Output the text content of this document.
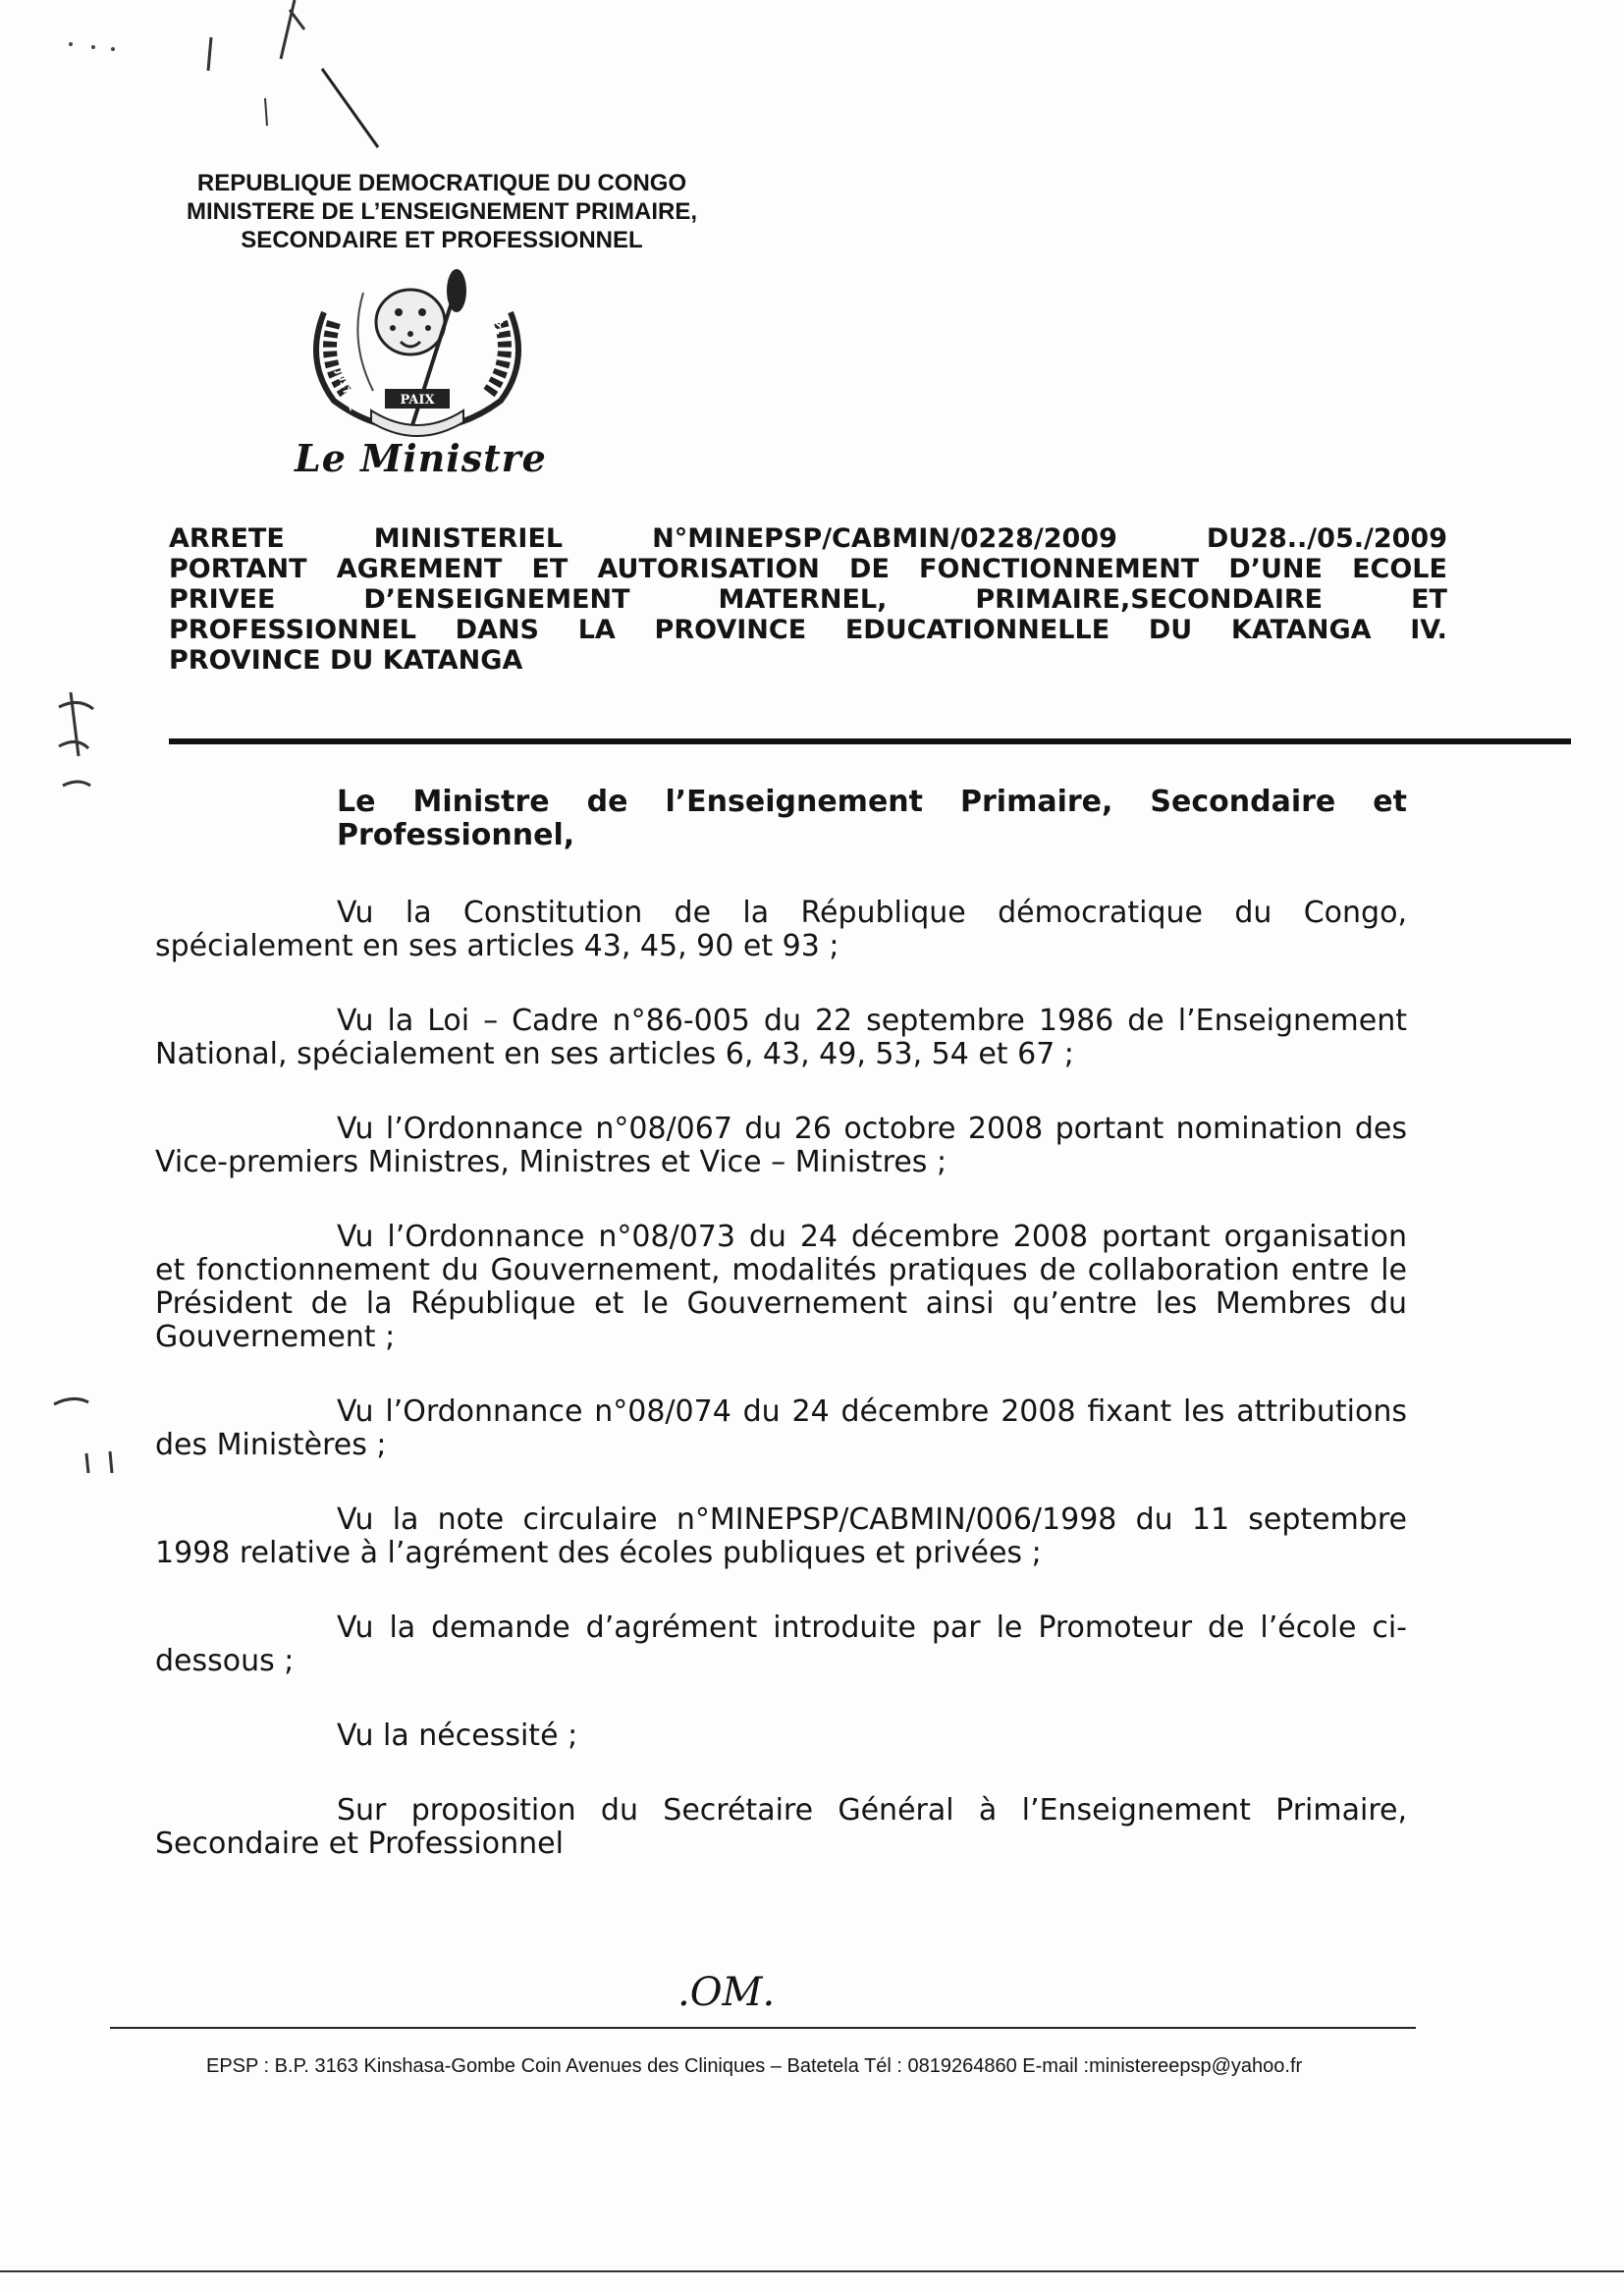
REPUBLIQUE DEMOCRATIQUE DU CONGO
MINISTERE DE L’ENSEIGNEMENT PRIMAIRE,
SECONDAIRE ET PROFESSIONNEL
PAIX
JUSTICE
TRAVAIL
Le Ministre
ARRETE	MINISTERIEL	N°MINEPSP/CABMIN/0228/2009	DU28../05./2009
PORTANT AGREMENT ET AUTORISATION DE FONCTIONNEMENT D’UNE ECOLE
PRIVEE	D’ENSEIGNEMENT	MATERNEL,	PRIMAIRE,SECONDAIRE	ET
PROFESSIONNEL DANS LA PROVINCE EDUCATIONNELLE DU KATANGA IV.
PROVINCE DU KATANGA
Le Ministre de l’Enseignement Primaire, Secondaire et Professionnel,

Vu la Constitution de la République démocratique du Congo, spécialement en ses articles 43, 45, 90 et 93 ;

Vu la Loi – Cadre n°86-005 du 22 septembre 1986 de l’Enseignement National, spécialement en ses articles 6, 43, 49, 53, 54 et 67 ;

Vu l’Ordonnance n°08/067 du 26 octobre 2008 portant nomination des Vice-premiers Ministres, Ministres et Vice – Ministres ;

Vu l’Ordonnance n°08/073 du 24 décembre 2008 portant organisation et fonctionnement du Gouvernement, modalités pratiques de collaboration entre le Président de la République et le Gouvernement ainsi qu’entre les Membres du Gouvernement ;

Vu l’Ordonnance n°08/074 du 24 décembre 2008 fixant les attributions des Ministères ;

Vu la note circulaire n°MINEPSP/CABMIN/006/1998 du 11 septembre 1998 relative à l’agrément des écoles publiques et privées ;

Vu la demande d’agrément introduite par le Promoteur de l’école ci-dessous ;

Vu la nécessité ;

Sur proposition du Secrétaire Général à l’Enseignement Primaire, Secondaire et Professionnel

.OM.
EPSP : B.P. 3163 Kinshasa-Gombe Coin Avenues des Cliniques – Batetela Tél : 0819264860 E-mail :ministereepsp@yahoo.fr
